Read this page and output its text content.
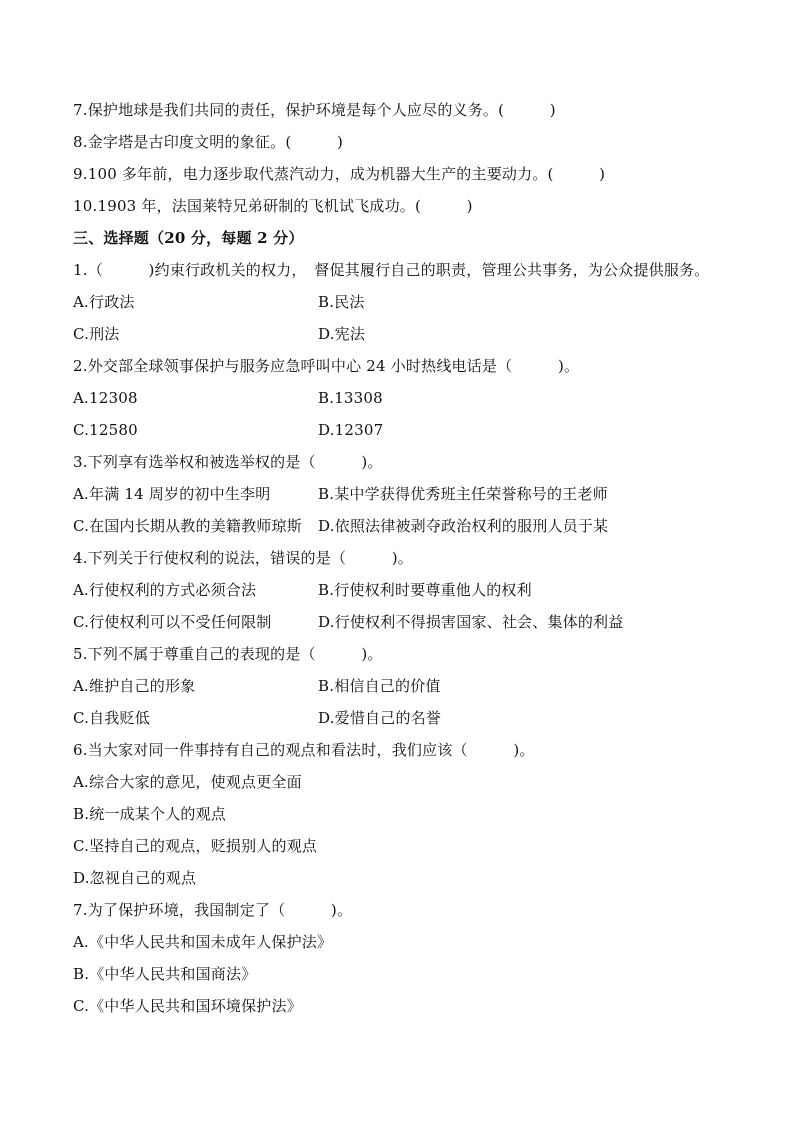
7.保护地球是我们共同的责任，保护环境是每个人应尽的义务。(　　　)
8.金字塔是古印度文明的象征。(　　　)
9.100 多年前，电力逐步取代蒸汽动力，成为机器大生产的主要动力。(　　　)
10.1903 年，法国莱特兄弟研制的飞机试飞成功。(　　　)
三、选择题（20 分，每题 2 分）
1.（　　　)约束行政机关的权力，　督促其履行自己的职责，管理公共事务，为公众提供服务。
A.行政法	B.民法
C.刑法	D.宪法
2.外交部全球领事保护与服务应急呼叫中心 24 小时热线电话是（　　　)。
A.12308	B.13308
C.12580	D.12307
3.下列享有选举权和被选举权的是（　　　)。
A.年满 14 周岁的初中生李明	B.某中学获得优秀班主任荣誉称号的王老师
C.在国内长期从教的美籍教师琼斯 D.依照法律被剥夺政治权利的服刑人员于某
4.下列关于行使权利的说法，错误的是（　　　)。
A.行使权利的方式必须合法	B.行使权利时要尊重他人的权利
C.行使权利可以不受任何限制	D.行使权利不得损害国家、社会、集体的利益
5.下列不属于尊重自己的表现的是（　　　)。
A.维护自己的形象	B.相信自己的价值
C.自我贬低	D.爱惜自己的名誉
6.当大家对同一件事持有自己的观点和看法时，我们应该（　　　)。
A.综合大家的意见，使观点更全面
B.统一成某个人的观点
C.坚持自己的观点，贬损别人的观点
D.忽视自己的观点
7.为了保护环境，我国制定了（　　　)。
A.《中华人民共和国未成年人保护法》
B.《中华人民共和国商法》
C.《中华人民共和国环境保护法》
